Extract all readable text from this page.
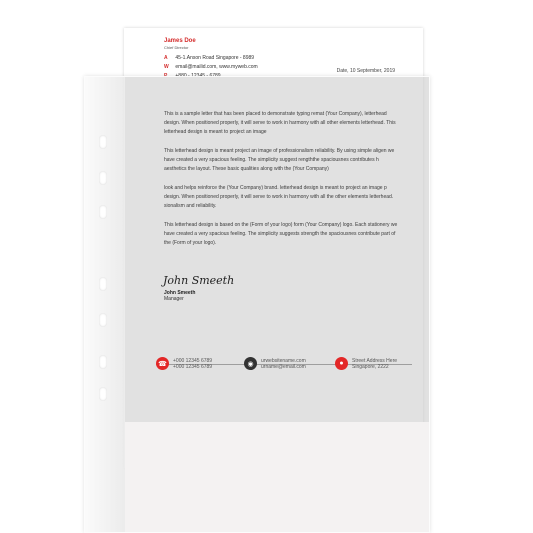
James Doe
Chief Director
A 45-1.Anson Road Singapore - 8989
W email@mailid.com, www.myweb.com
Date, 10 September, 2019

This is a sample letter that has been placed to demonstrate typing remat (Your Company), letterhead design. When positioned properly, it will serve to work in harmony with all other elements letterhead. This letterhead design is meant to project an image

This letterhead design is meant project an image of professionalism reliability. By using simple aligen we have created a very spacious feeling. The simplicity suggest rengththe spaciousnes contributes h aesthetics the layout. These basic qualities along with the (Your Company)

look and helps reinforce the (Your Company) brand. letterhead design is meant to project an image p design. When positioned properly, it will serve to work in harmony with all the other elements letterhead. sionalism and reliability.

This letterhead design is based on the (Form of your logo) form (Your Company) logo. Each stationery we have created a very spacious feeling. The simplicity suggests strength the spaciousnes contribute part of the (Form of your logo).

John Smeeth
John Smeeth
Manager
☎	+000 12345 6789
+000 12345 6789	◉	urwebsitename.com
urname@email.com	●	Street Address Here
Singapore, 2222
